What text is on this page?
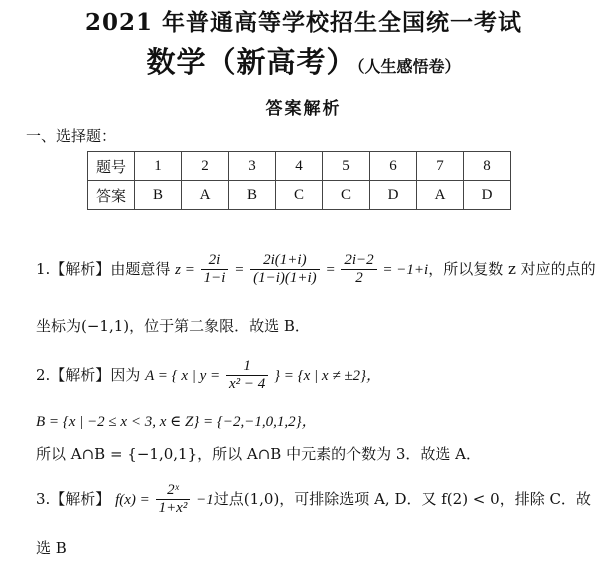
2021 年普通高等学校招生全国统一考试
数学（新高考）（人生感悟卷）
答案解析
一、选择题：
题号	1	2	3	4	5	6	7	8
答案	B	A	B	C	C	D	A	D
1.【解析】由题意得 $z = \frac{2i}{1-i} = \frac{2i(1+i)}{(1-i)(1+i)} = \frac{2i-2}{2} = -1+i$，所以复数 z 对应的点的
坐标为(−1,1)，位于第二象限．故选 B．
2.【解析】因为 A = { x | $y = \frac{1}{\text{x² − 4}}$ } = {x | x ≠ ±2}，
B = {x | −2 ≤ x < 3, x ∈ Z} = {−2,−1,0,1,2}，
所以 A∩B = {−1,0,1}，所以 A∩B 中元素的个数为 3．故选 A．
3.【解析】 $f(x) = \frac{\text{2ˣ}}{\text{1+x²}} -1$过点(1,0)，可排除选项 A, D．又 f(2) < 0，排除 C．故
选 B
